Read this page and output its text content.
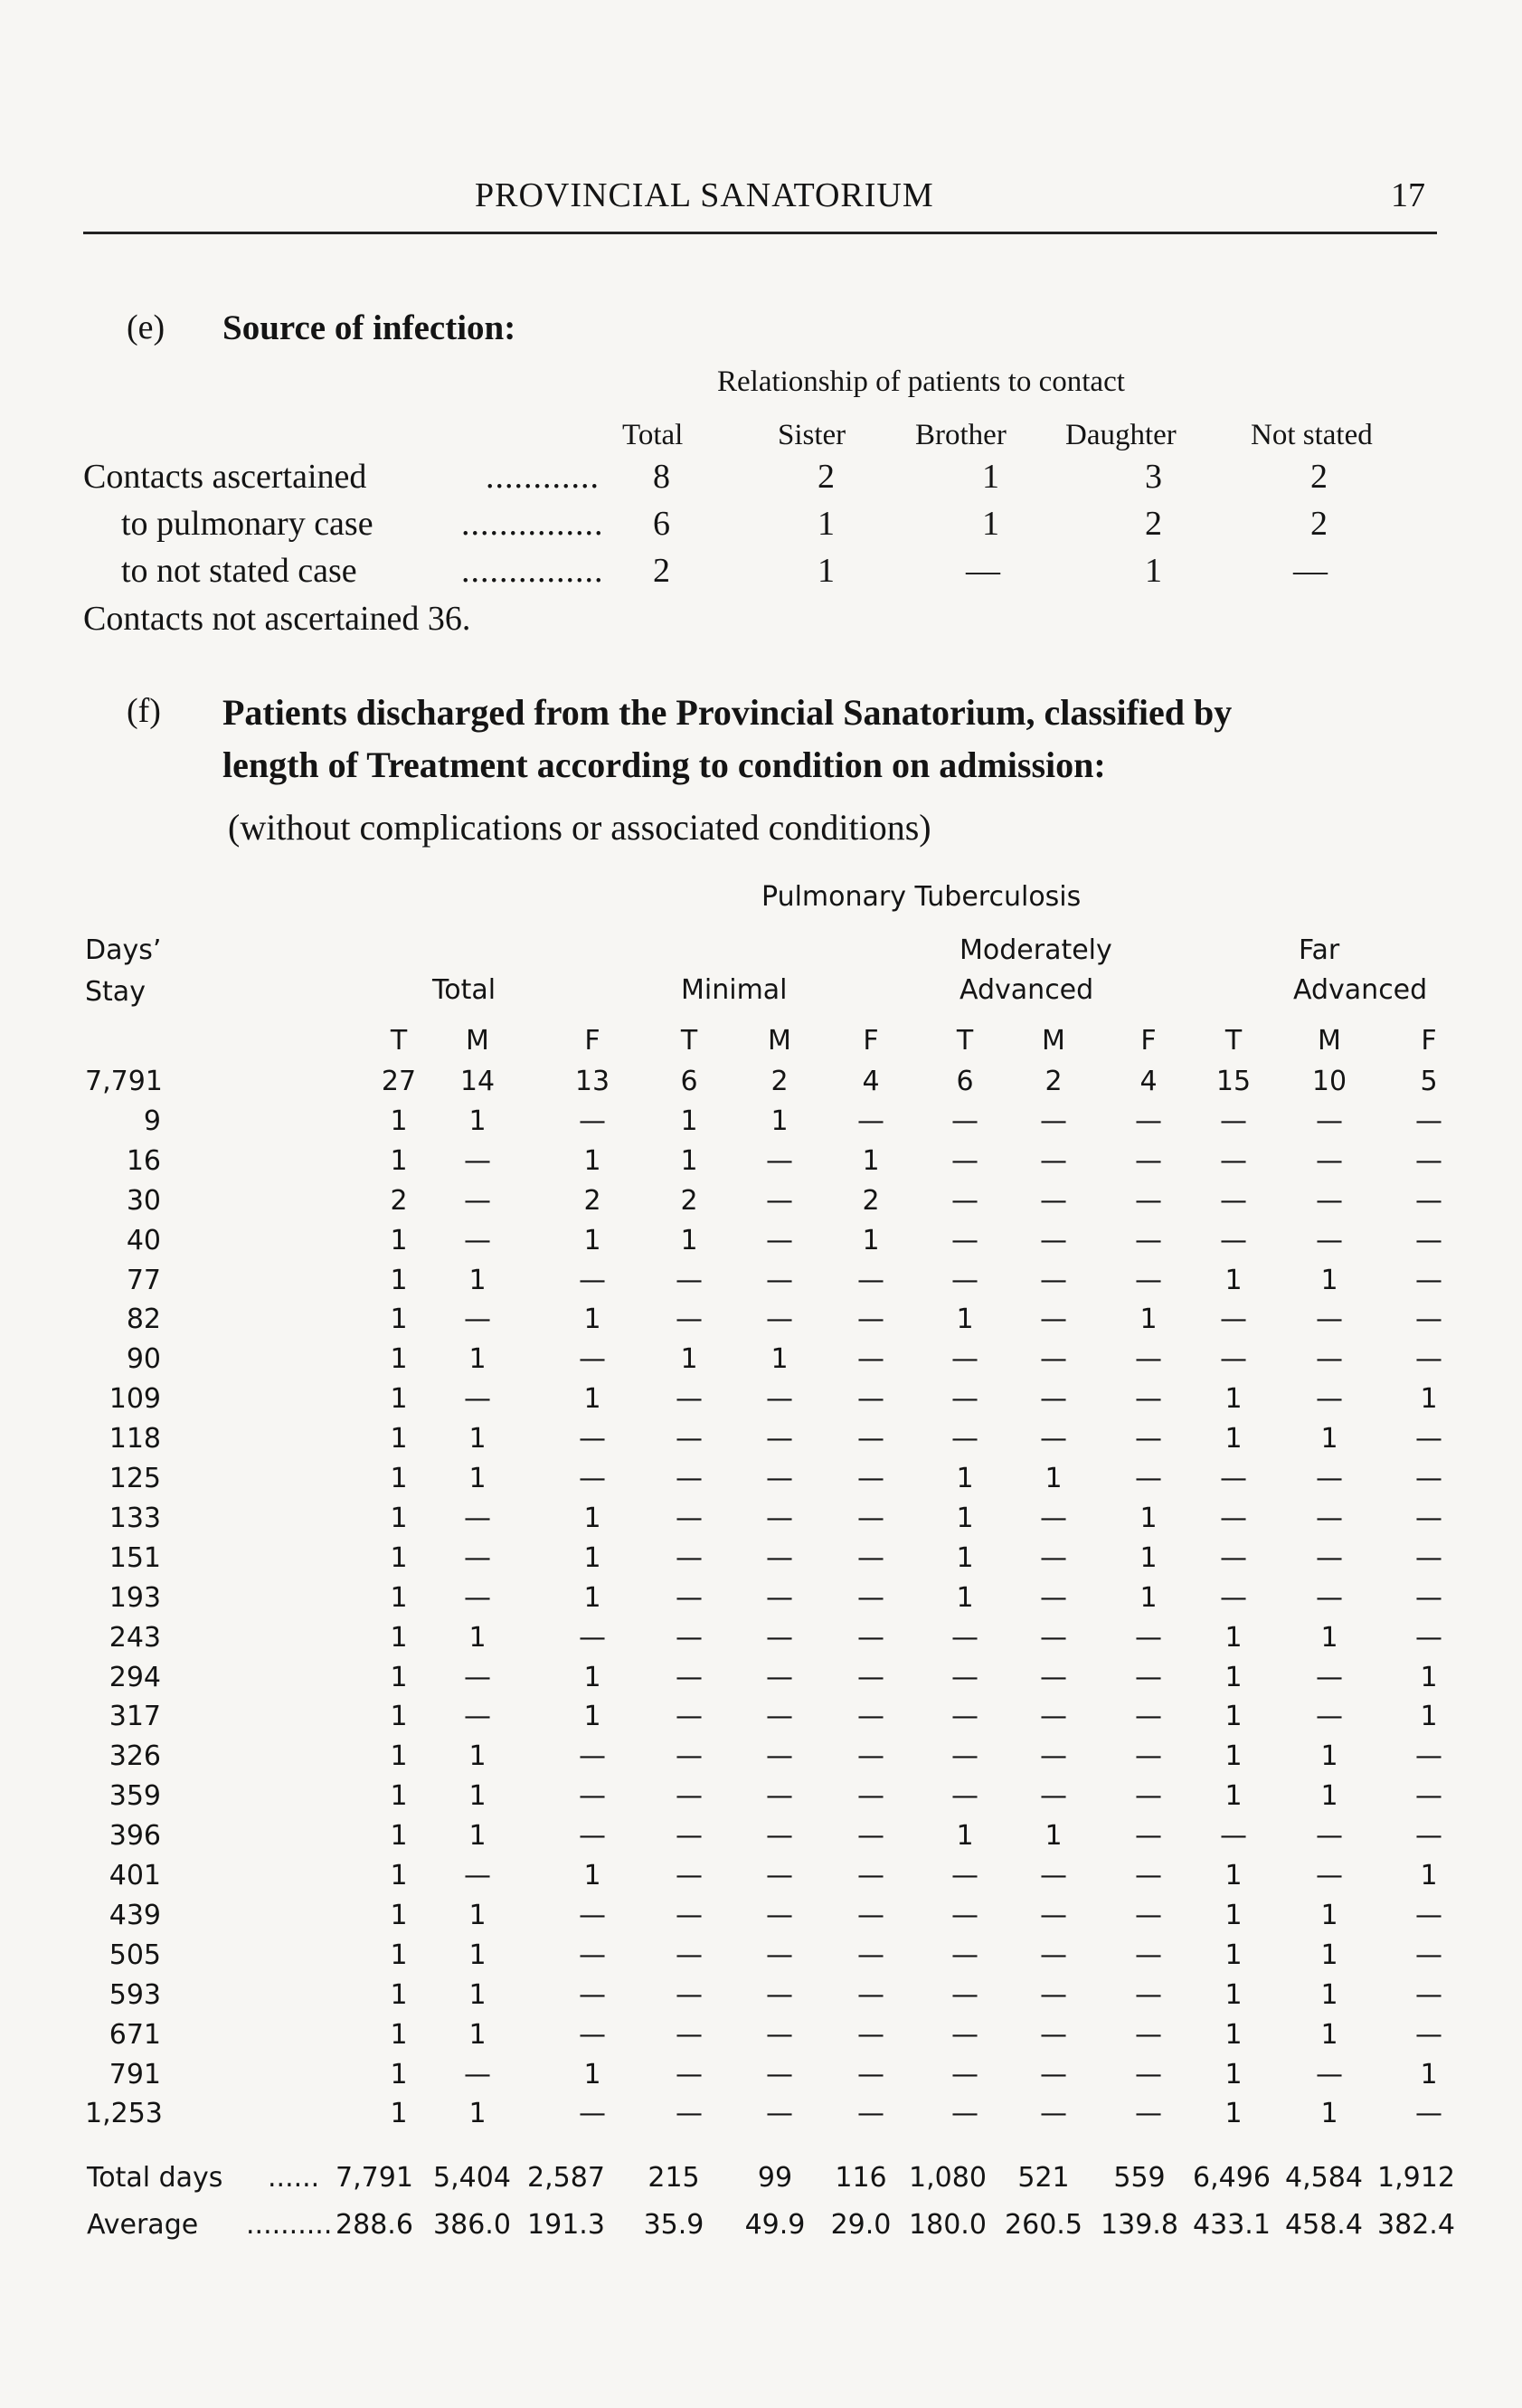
PROVINCIAL SANATORIUM	17
(e) Source of infection:
Relationship of patients to contact
Total	Sister Brother Daughter Not stated
Contacts ascertained	............ 8	2	1	3	2
to pulmonary case	............... 6	1	1	2	2
to not stated case	............... 2	1	—	1	—
Contacts not ascertained 36.
(f) Patients discharged from the Provincial Sanatorium, classified by
length of Treatment according to condition on admission:
(without complications or associated conditions)
Pulmonary Tuberculosis
Days’
Stay	Total	Minimal
Moderately
Advanced
Far
Advanced
T	M	F	T	M	F	T	M	F	T	M	F
7,791	27	14	13	6	2	4	6	2	4	15	10	5
9	1	1	—	1	1	—	—	—	—	—	—	—
16	1	—	1	1	—	1	—	—	—	—	—	—
30	2	—	2	2	—	2	—	—	—	—	—	—
40	1	—	1	1	—	1	—	—	—	—	—	—
77	1	1	—	—	—	—	—	—	—	1	1	—
82	1	—	1	—	—	—	1	—	1	—	—	—
90	1	1	—	1	1	—	—	—	—	—	—	—
109	1	—	1	—	—	—	—	—	—	1	—	1
118	1	1	—	—	—	—	—	—	—	1	1	—
125	1	1	—	—	—	—	1	1	—	—	—	—
133	1	—	1	—	—	—	1	—	1	—	—	—
151	1	—	1	—	—	—	1	—	1	—	—	—
193	1	—	1	—	—	—	1	—	1	—	—	—
243	1	1	—	—	—	—	—	—	—	1	1	—
294	1	—	1	—	—	—	—	—	—	1	—	1
317	1	—	1	—	—	—	—	—	—	1	—	1
326	1	1	—	—	—	—	—	—	—	1	1	—
359	1	1	—	—	—	—	—	—	—	1	1	—
396	1	1	—	—	—	—	1	1	—	—	—	—
401	1	—	1	—	—	—	—	—	—	1	—	1
439	1	1	—	—	—	—	—	—	—	1	1	—
505	1	1	—	—	—	—	—	—	—	1	1	—
593	1	1	—	—	—	—	—	—	—	1	1	—
671	1	1	—	—	—	—	—	—	—	1	1	—
791	1	—	1	—	—	—	—	—	—	1	—	1
1,253	1	1	—	—	—	—	—	—	—	1	1	—
Total days ...... 7,791 5,404 2,587	215	99	116 1,080	521	559	6,496 4,584 1,912
Average .......... 288.6 386.0 191.3	35.9	49.9 29.0 180.0 260.5 139.8 433.1 458.4 382.4
